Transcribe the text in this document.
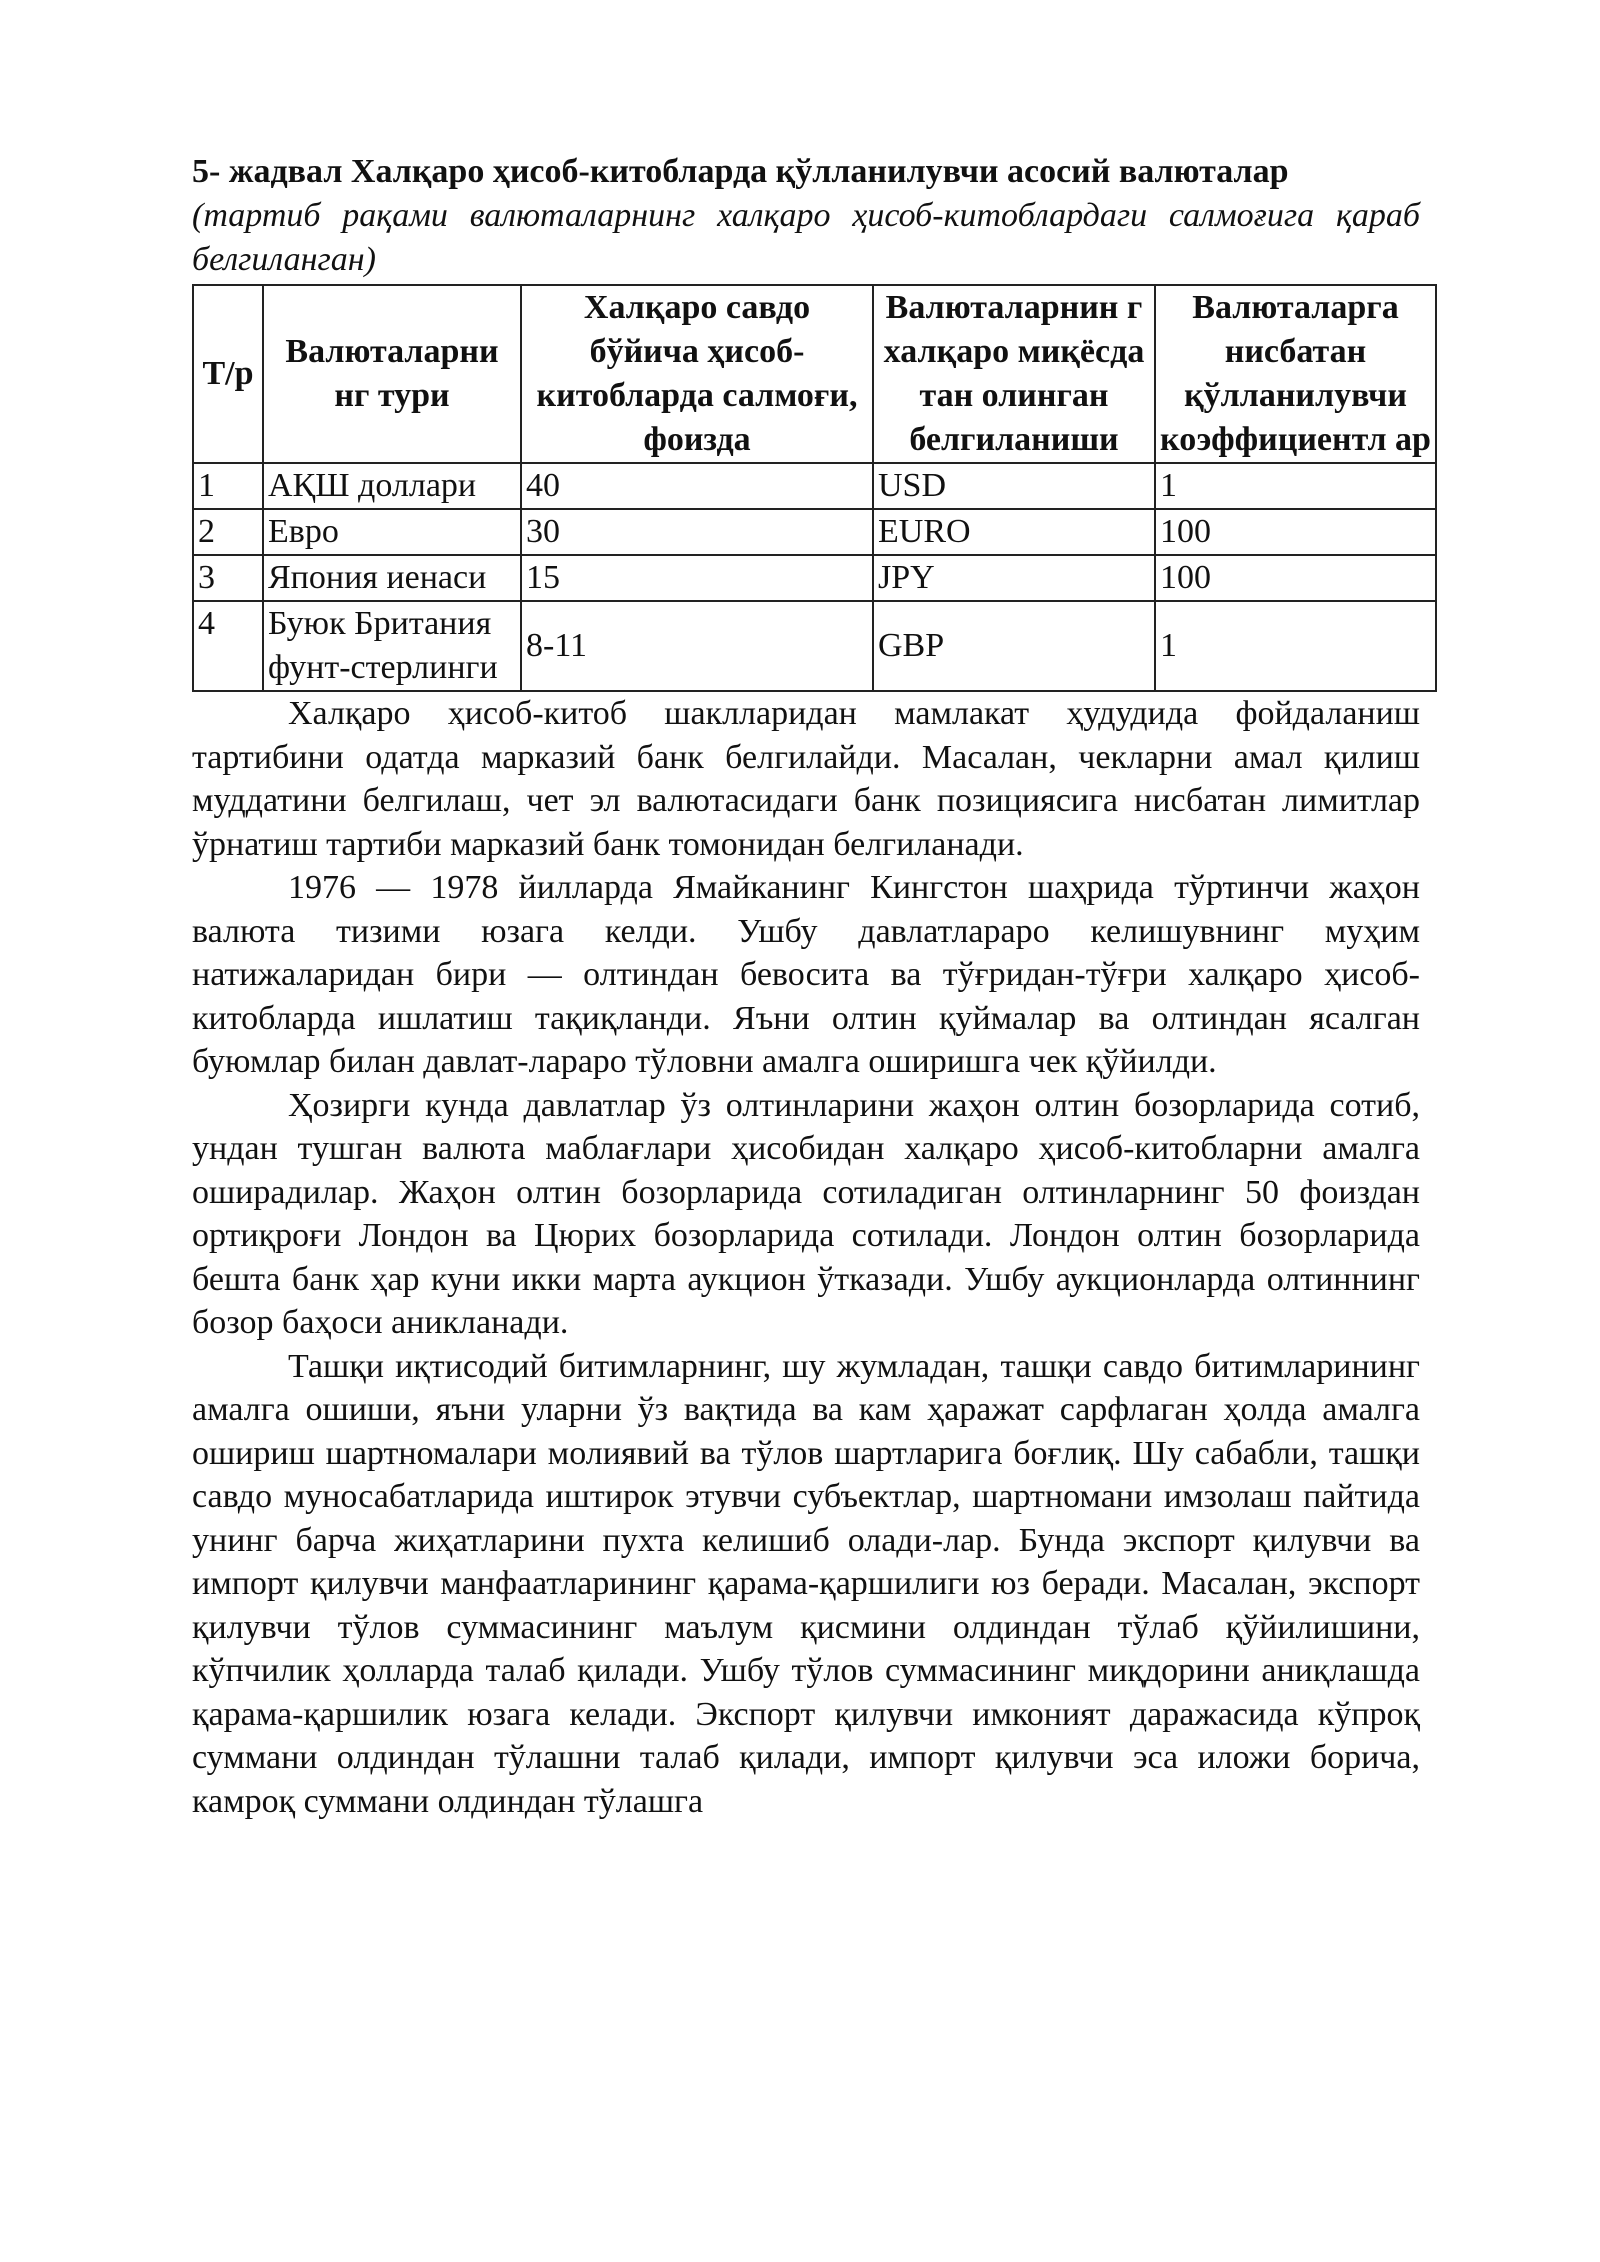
5- жадвал Халқаро ҳисоб-китобларда қўлланилувчи асосий валюталар

(тартиб рақами валюталарнинг халқаро ҳисоб-китоблардаги салмоғига қараб белгиланган)

Т/р	Валюталарни нг тури	Халқаро савдо бўйича ҳисоб-китобларда салмоғи, фоизда	Валюталарнин г халқаро миқёсда тан олинган белгиланиши	Валюталарга нисбатан қўлланилувчи коэффициентл ар
1	АҚШ доллари	40	USD	1
2	Евро	30	EURO	100
3	Япония иенаси	15	JPY	100
4	Буюк Британия фунт-стерлинги	8-11	GBP	1

Халқаро ҳисоб-китоб шаклларидан мамлакат ҳудудида фойдаланиш тартибини одатда марказий банк белгилайди. Масалан, чекларни амал қилиш муддатини белгилаш, чет эл валютасидаги банк позициясига нисбатан лимитлар ўрнатиш тартиби марказий банк томонидан белгиланади.

1976 — 1978 йилларда Ямайканинг Кингстон шаҳрида тўртинчи жаҳон валюта тизими юзага келди. Ушбу давлатлараро келишувнинг муҳим натижаларидан бири — олтиндан бевосита ва тўғридан-тўғри халқаро ҳисоб-китобларда ишлатиш тақиқланди. Яъни олтин қуймалар ва олтиндан ясалган буюмлар билан давлат-лараро тўловни амалга оширишга чек қўйилди.

Ҳозирги кунда давлатлар ўз олтинларини жаҳон олтин бозорларида сотиб, ундан тушган валюта маблағлари ҳисобидан халқаро ҳисоб-китобларни амалга оширадилар. Жаҳон олтин бозорларида сотиладиган олтинларнинг 50 фоиздан ортиқроғи Лондон ва Цюрих бозорларида сотилади. Лондон олтин бозорларида бешта банк ҳар куни икки марта аукцион ўтказади. Ушбу аукционларда олтиннинг бозор баҳоси аникланади.

Ташқи иқтисодий битимларнинг, шу жумладан, ташқи савдо битимларининг амалга ошиши, яъни уларни ўз вақтида ва кам ҳаражат сарфлаган ҳолда амалга ошириш шартномалари молиявий ва тўлов шартларига боғлиқ. Шу сабабли, ташқи савдо муносабатларида иштирок этувчи субъектлар, шартномани имзолаш пайтида унинг барча жиҳатларини пухта келишиб олади-лар. Бунда экспорт қилувчи ва импорт қилувчи манфаатларининг қарама-қаршилиги юз беради. Масалан, экспорт қилувчи тўлов суммасининг маълум қисмини олдиндан тўлаб қўйилишини, кўпчилик ҳолларда талаб қилади. Ушбу тўлов суммасининг миқдорини аниқлашда қарама-қаршилик юзага келади. Экспорт қилувчи имконият даражасида кўпроқ суммани олдиндан тўлашни талаб қилади, импорт қилувчи эса иложи борича, камроқ суммани олдиндан тўлашга
